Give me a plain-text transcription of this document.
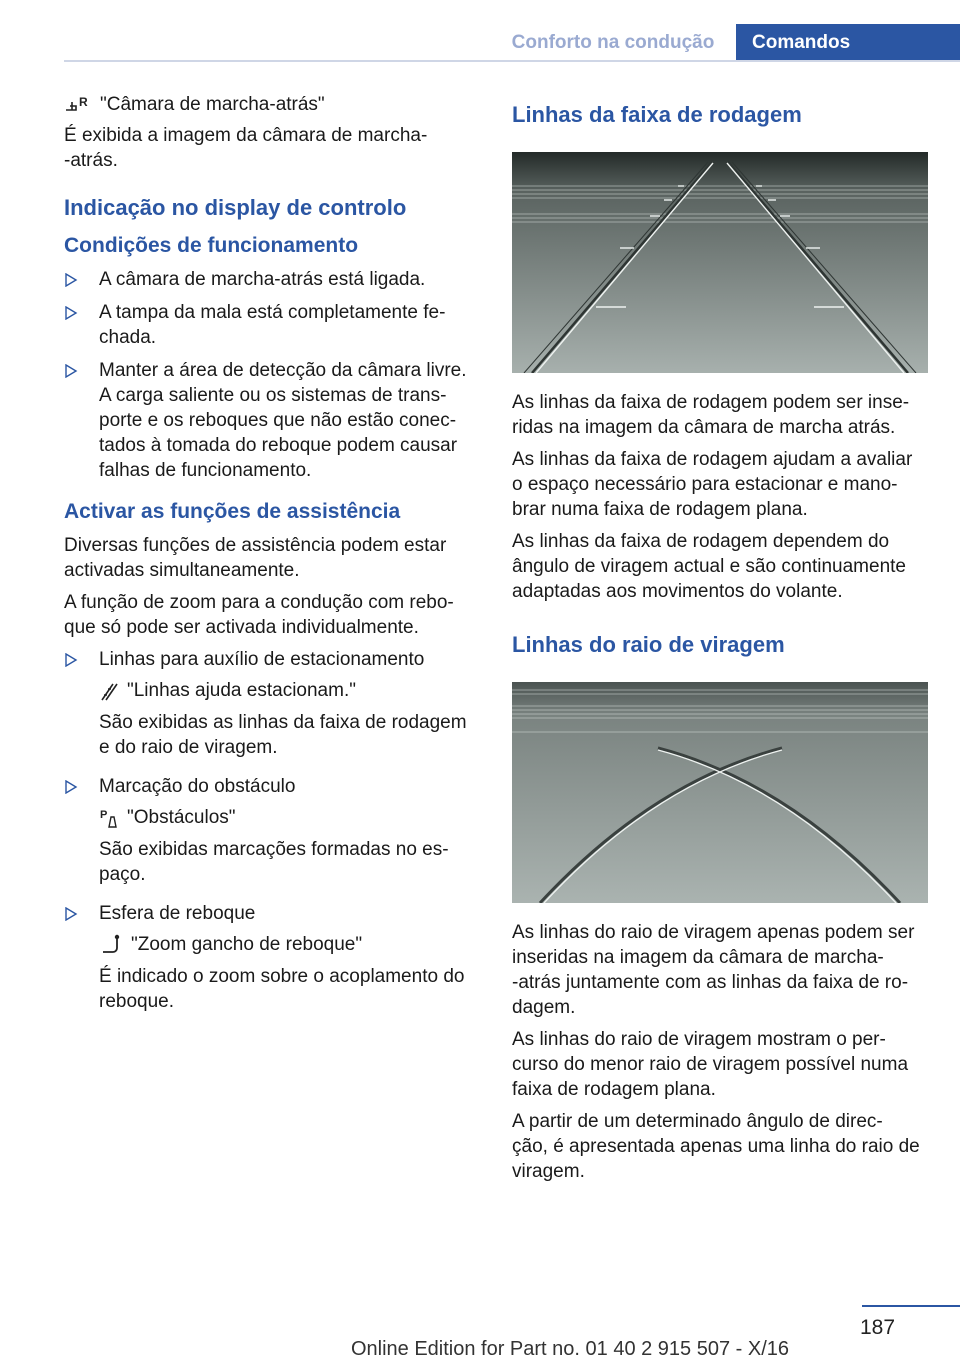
Conforto na condução	Comandos
R "Câmara de marcha-atrás"

É exibida a imagem da câmara de marcha-
-atrás.

Indicação no display de controlo
Condições de funcionamento
A câmara de marcha-atrás está ligada.
A tampa da mala está completamente fe-
chada.
Manter a área de detecção da câmara livre. A carga saliente ou os sistemas de trans-
porte e os reboques que não estão conec-
tados à tomada do reboque podem causar falhas de funcionamento.
Activar as funções de assistência

Diversas funções de assistência podem estar activadas simultaneamente.

A função de zoom para a condução com rebo-
que só pode ser activada individualmente.

Linhas para auxílio de estacionamento
"Linhas ajuda estacionam."
São exibidas as linhas da faixa de rodagem e do raio de viragem.
Marcação do obstáculo
P "Obstáculos"
São exibidas marcações formadas no es-
paço.
Esfera de reboque
"Zoom gancho de reboque"
É indicado o zoom sobre o acoplamento do reboque.
Linhas da faixa de rodagem

As linhas da faixa de rodagem podem ser inse-
ridas na imagem da câmara de marcha atrás.

As linhas da faixa de rodagem ajudam a avaliar o espaço necessário para estacionar e mano-
brar numa faixa de rodagem plana.

As linhas da faixa de rodagem dependem do ângulo de viragem actual e são continuamente adaptadas aos movimentos do volante.

Linhas do raio de viragem

As linhas do raio de viragem apenas podem ser inseridas na imagem da câmara de marcha-
-atrás juntamente com as linhas da faixa de ro-
dagem.

As linhas do raio de viragem mostram o per-
curso do menor raio de viragem possível numa faixa de rodagem plana.

A partir de um determinado ângulo de direc-
ção, é apresentada apenas uma linha do raio de viragem.

187
Online Edition for Part no. 01 40 2 915 507 - X/16
